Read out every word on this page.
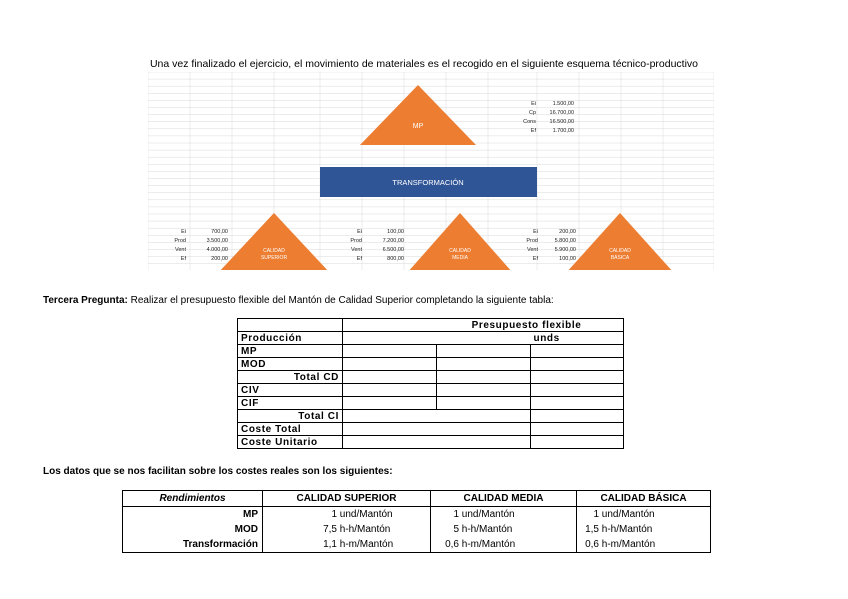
Una vez finalizado el ejercicio, el movimiento de materiales es el recogido en el siguiente esquema técnico-productivo
MP
TRANSFORMACIÓN
CALIDAD
SUPERIOR
CALIDAD
MEDIA
CALIDAD
BÁSICA
Ei	1.500,00
Cp	16.700,00
Cons	16.500,00
Ef	1.700,00
Ei	700,00
Prod	3.500,00
Vent	4.000,00
Ef	200,00
Ei	100,00
Prod	7.200,00
Vent	6.500,00
Ef	800,00
Ei	200,00
Prod	5.800,00
Vent	5.900,00
Ef	100,00
Tercera Pregunta: Realizar el presupuesto flexible del Mantón de Calidad Superior completando la siguiente tabla:
	Presupuesto flexible		
Producción			unds
MP			
MOD			
Total CD			
CIV			
CIF			
Total CI			
Coste Total			
Coste Unitario			
Los datos que se nos facilitan sobre los costes reales son los siguientes:
Rendimientos	CALIDAD SUPERIOR	CALIDAD MEDIA	CALIDAD BÁSICA
MP	1 und/Mantón	1 und/Mantón	1 und/Mantón
MOD	7,5 h-h/Mantón	5 h-h/Mantón	1,5 h-h/Mantón
Transformación	1,1 h-m/Mantón	0,6 h-m/Mantón	0,6 h-m/Mantón
